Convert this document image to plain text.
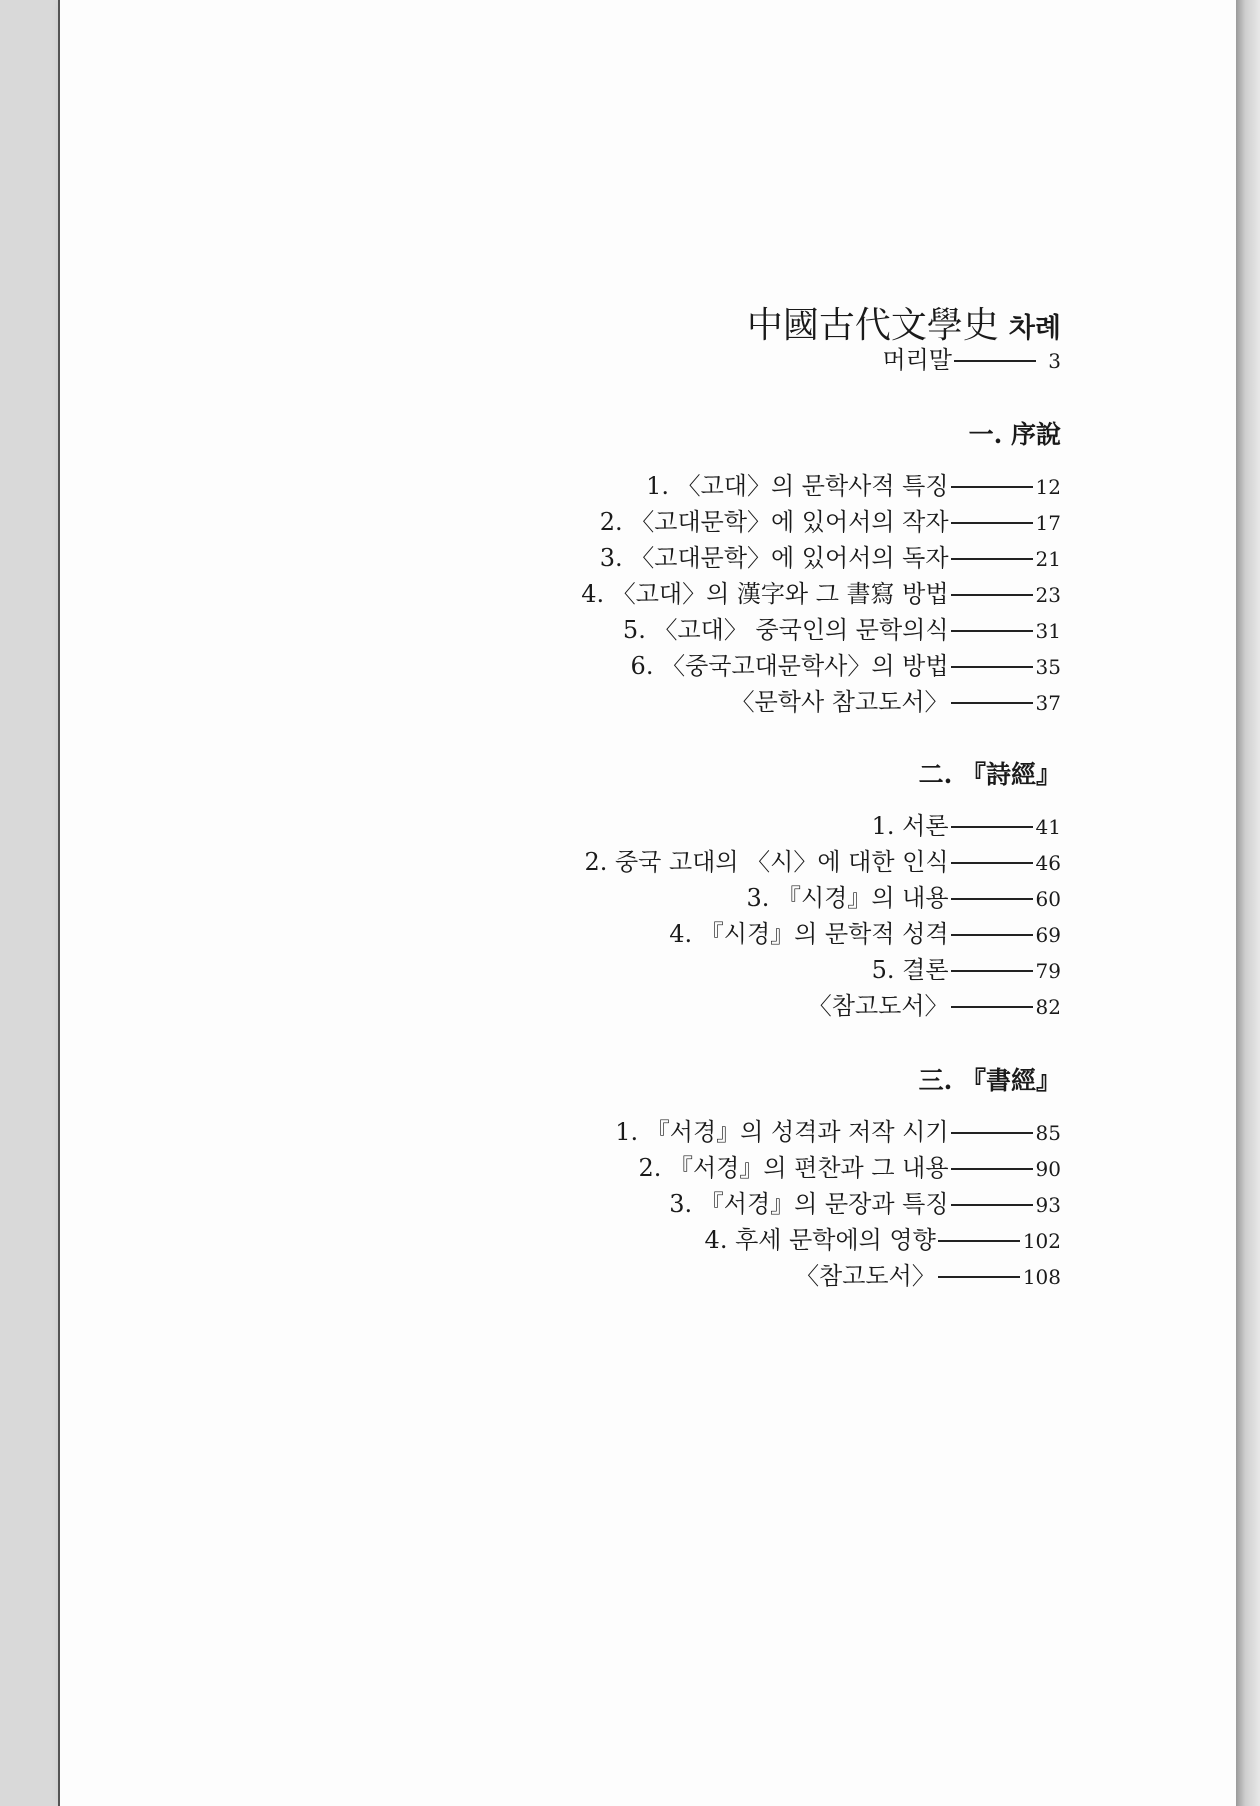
中國古代文學史 차례
머리말	3
一. 序說
1. 〈고대〉의 문학사적 특징	12
2. 〈고대문학〉에 있어서의 작자	17
3. 〈고대문학〉에 있어서의 독자	21
4. 〈고대〉의 漢字와 그 書寫 방법	23
5. 〈고대〉 중국인의 문학의식	31
6. 〈중국고대문학사〉의 방법	35
〈문학사 참고도서〉	37
二. 『詩經』
1. 서론	41
2. 중국 고대의 〈시〉에 대한 인식	46
3. 『시경』의 내용	60
4. 『시경』의 문학적 성격	69
5. 결론	79
〈참고도서〉	82
三. 『書經』
1. 『서경』의 성격과 저작 시기	85
2. 『서경』의 편찬과 그 내용	90
3. 『서경』의 문장과 특징	93
4. 후세 문학에의 영향	102
〈참고도서〉	108
